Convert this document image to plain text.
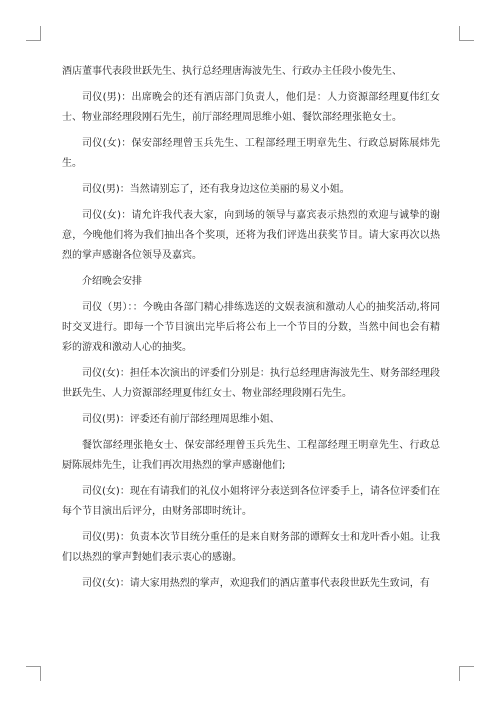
酒店董事代表段世跃先生、执行总经理唐海波先生、行政办主任段小俊先生、

司仪(男)：出席晚会的还有酒店部门负责人，他们是：人力资源部经理夏伟红女士、物业部经理段刚石先生，前厅部经理周思维小姐、餐饮部经理张艳女士。

司仪(女)：保安部经理曾玉兵先生、工程部经理王明章先生、行政总厨陈展炜先生。

司仪(男)：当然请别忘了，还有我身边这位美丽的易义小姐。

司仪(女)：请允许我代表大家，向到场的领导与嘉宾表示热烈的欢迎与诚挚的谢意，今晚他们将为我们抽出各个奖项，还将为我们评选出获奖节目。请大家再次以热烈的掌声感谢各位领导及嘉宾。

介绍晚会安排

司仪（男）：：今晚由各部门精心排练选送的文娱表演和激动人心的抽奖活动,将同时交叉进行。即每一个节目演出完毕后将公布上一个节目的分数，当然中间也会有精彩的游戏和激动人心的抽奖。

司仪(女)：担任本次演出的评委们分别是：执行总经理唐海波先生、财务部经理段世跃先生、人力资源部经理夏伟红女士、物业部经理段刚石先生。

司仪(男)：评委还有前厅部经理周思维小姐、

餐饮部经理张艳女士、保安部经理曾玉兵先生、工程部经理王明章先生、行政总厨陈展炜先生，让我们再次用热烈的掌声感谢他们;

司仪(女)：现在有请我们的礼仪小姐将评分表送到各位评委手上，请各位评委们在每个节目演出后评分，由财务部即时统计。

司仪(男)：负责本次节目统分重任的是来自财务部的谭辉女士和龙叶香小姐。让我们以热烈的掌声對她们表示衷心的感谢。

司仪(女)：请大家用热烈的掌声，欢迎我们的酒店董事代表段世跃先生致词，有
